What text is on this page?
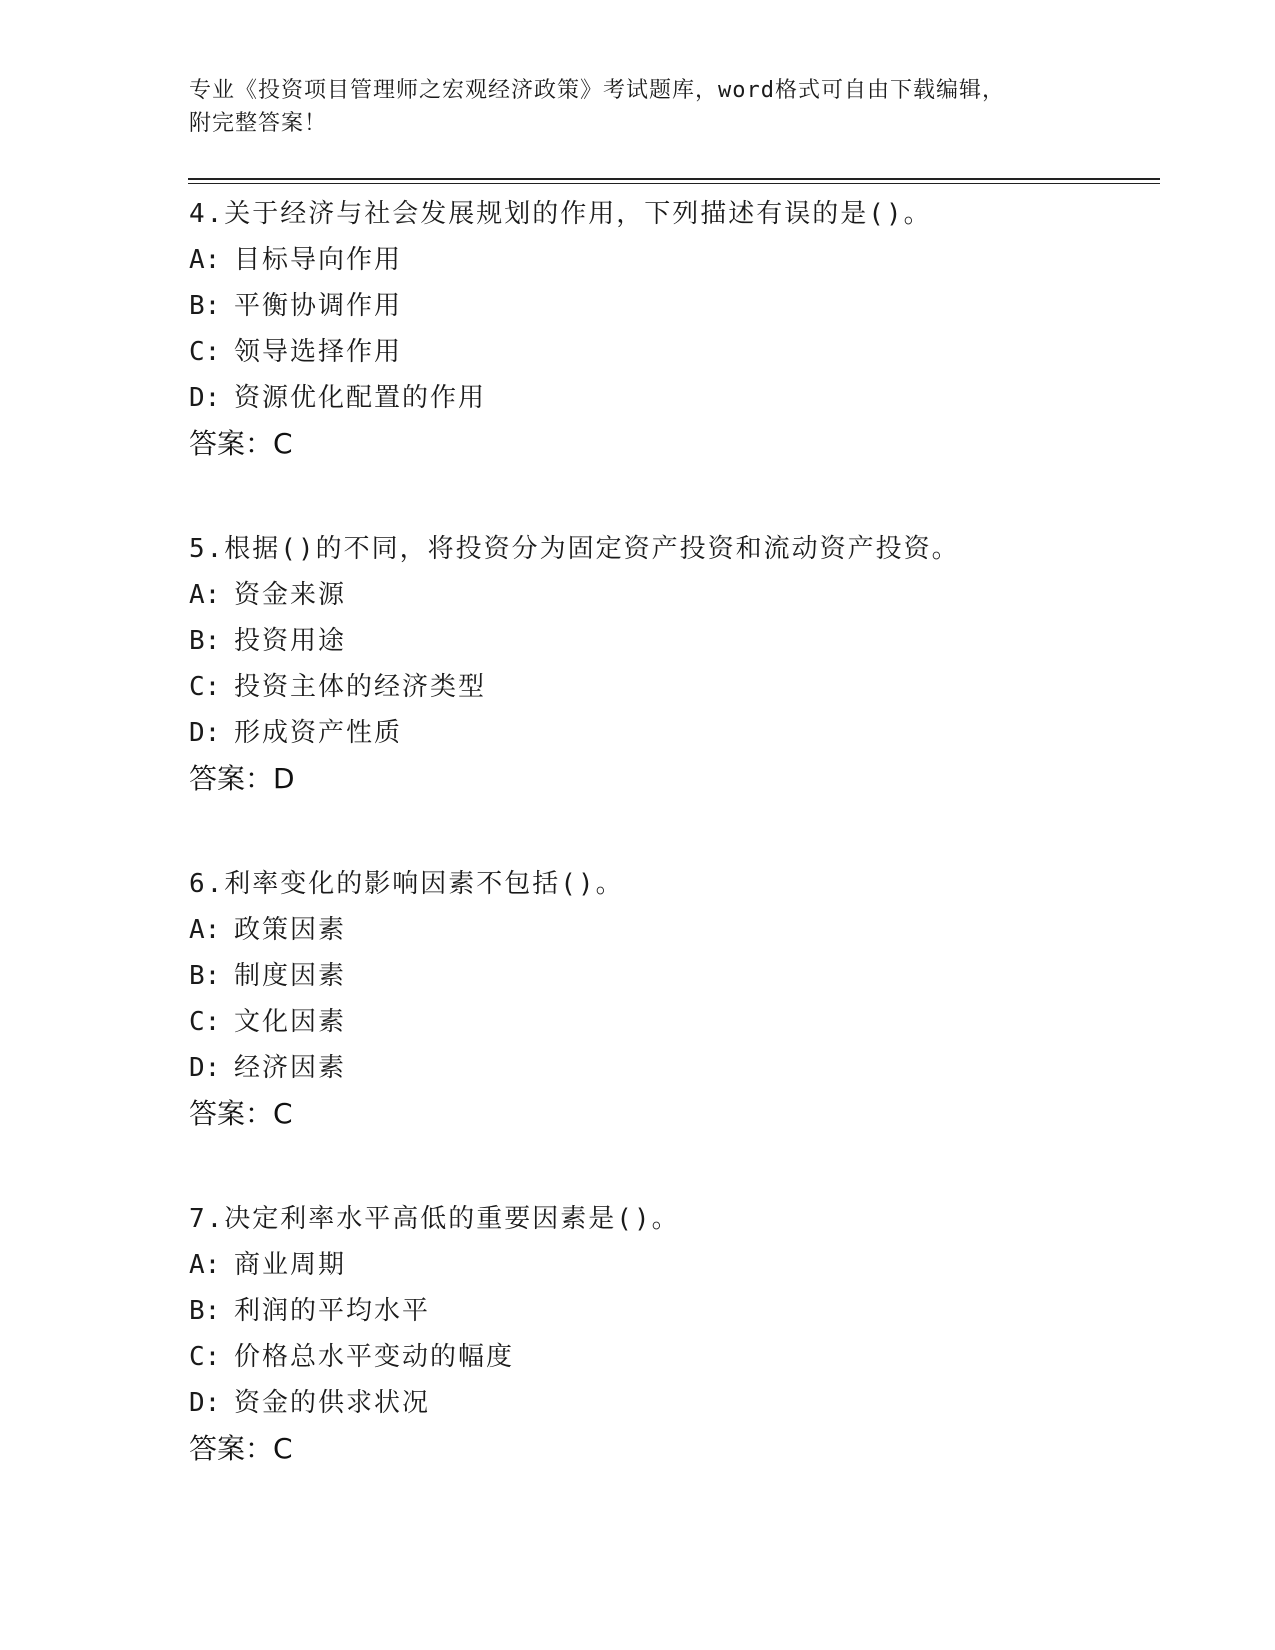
专业《投资项目管理师之宏观经济政策》考试题库，word格式可自由下载编辑，
附完整答案！
4.关于经济与社会发展规划的作用，下列描述有误的是()。
A: 目标导向作用
B: 平衡协调作用
C: 领导选择作用
D: 资源优化配置的作用
答案：C
5.根据()的不同，将投资分为固定资产投资和流动资产投资。
A: 资金来源
B: 投资用途
C: 投资主体的经济类型
D: 形成资产性质
答案：D
6.利率变化的影响因素不包括()。
A: 政策因素
B: 制度因素
C: 文化因素
D: 经济因素
答案：C
7.决定利率水平高低的重要因素是()。
A: 商业周期
B: 利润的平均水平
C: 价格总水平变动的幅度
D: 资金的供求状况
答案：C
